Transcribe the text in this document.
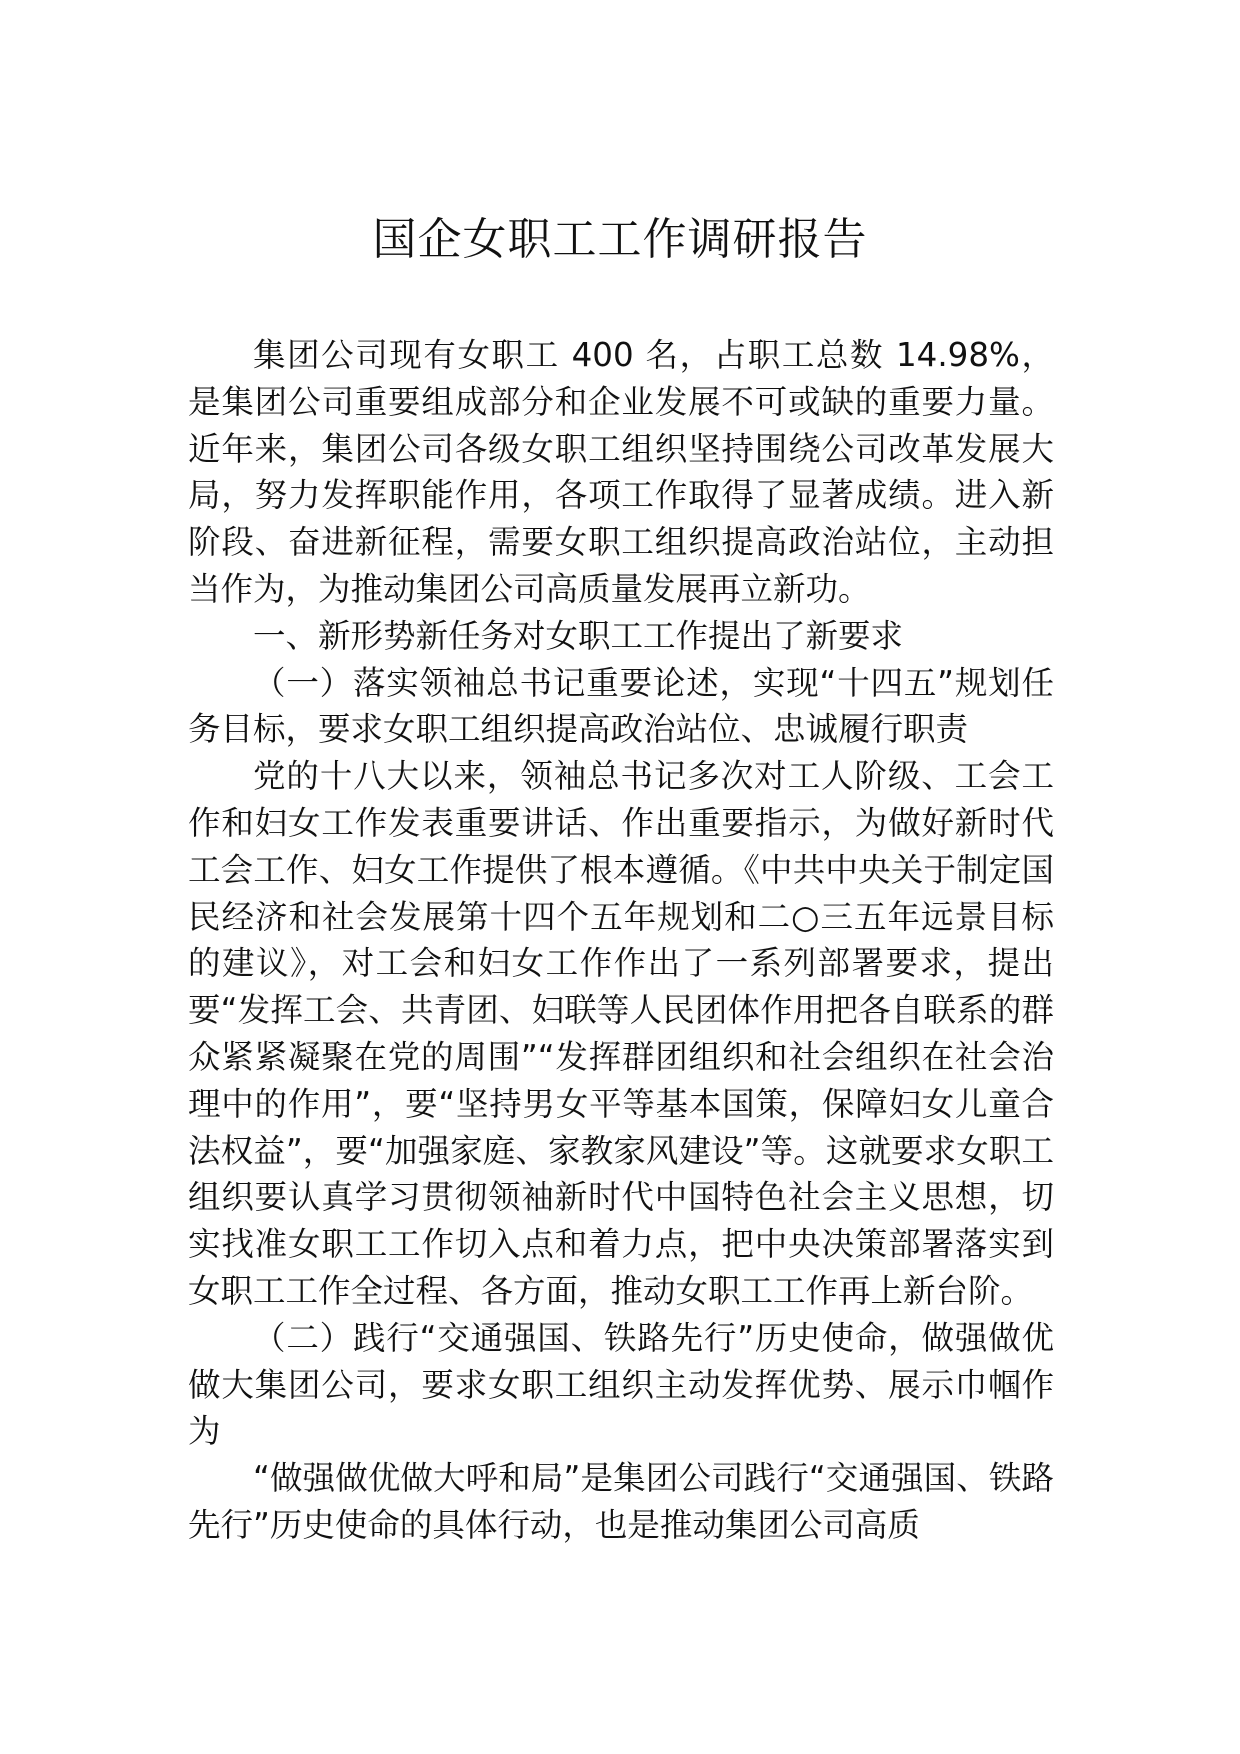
国企女职工工作调研报告

集团公司现有女职工 400 名，占职工总数 14.98%，是集团公司重要组成部分和企业发展不可或缺的重要力量。近年来，集团公司各级女职工组织坚持围绕公司改革发展大局，努力发挥职能作用，各项工作取得了显著成绩。进入新阶段、奋进新征程，需要女职工组织提高政治站位，主动担当作为，为推动集团公司高质量发展再立新功。

一、新形势新任务对女职工工作提出了新要求

（一）落实领袖总书记重要论述，实现“十四五”规划任务目标，要求女职工组织提高政治站位、忠诚履行职责

党的十八大以来，领袖总书记多次对工人阶级、工会工作和妇女工作发表重要讲话、作出重要指示，为做好新时代工会工作、妇女工作提供了根本遵循。《中共中央关于制定国民经济和社会发展第十四个五年规划和二○三五年远景目标的建议》，对工会和妇女工作作出了一系列部署要求，提出要“发挥工会、共青团、妇联等人民团体作用把各自联系的群众紧紧凝聚在党的周围”“发挥群团组织和社会组织在社会治理中的作用”，要“坚持男女平等基本国策，保障妇女儿童合法权益”，要“加强家庭、家教家风建设”等。这就要求女职工组织要认真学习贯彻领袖新时代中国特色社会主义思想，切实找准女职工工作切入点和着力点，把中央决策部署落实到女职工工作全过程、各方面，推动女职工工作再上新台阶。

（二）践行“交通强国、铁路先行”历史使命，做强做优做大集团公司，要求女职工组织主动发挥优势、展示巾帼作为

“做强做优做大呼和局”是集团公司践行“交通强国、铁路先行”历史使命的具体行动，也是推动集团公司高质
